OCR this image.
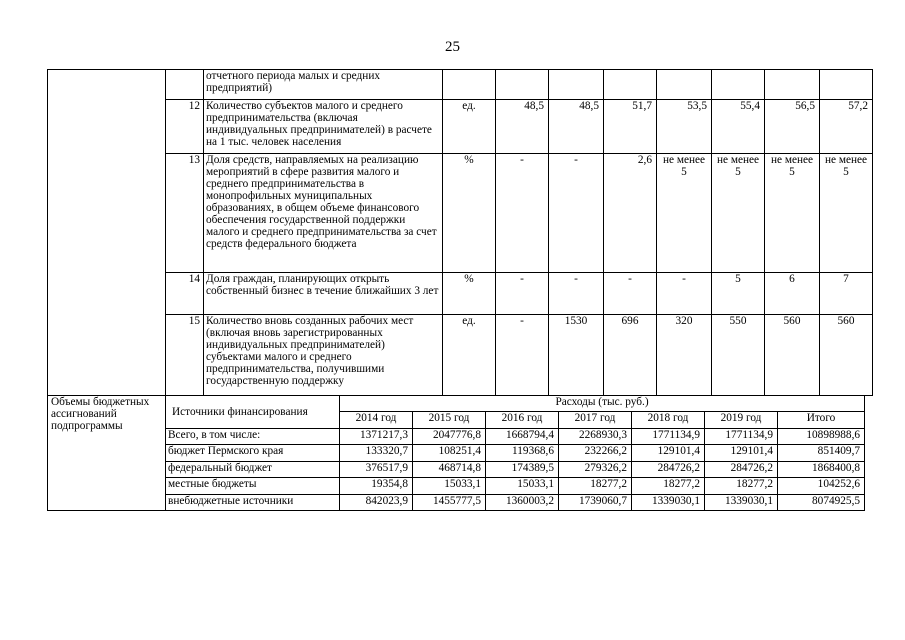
25
		отчетного периода малых и средних предприятий)								
	12	Количество субъектов малого и среднего предпринимательства (включая индивидуальных предпринимателей) в расчете на 1 тыс. человек населения	ед.	48,5	48,5	51,7	53,5	55,4	56,5	57,2
	13	Доля средств, направляемых на реализацию мероприятий в сфере развития малого и среднего предпринимательства в монопрофильных муниципальных образованиях, в общем объеме финансового обеспечения государственной поддержки малого и среднего предпринимательства за счет средств федерального бюджета	%	-	-	2,6	не менее 5	не менее 5	не менее 5	не менее 5
	14	Доля граждан, планирующих открыть собственный бизнес в течение ближайших 3 лет	%	-	-	-	-	5	6	7
	15	Количество вновь созданных рабочих мест (включая вновь зарегистрированных индивидуальных предпринимателей) субъектами малого и среднего предпринимательства, получившими государственную поддержку	ед.	-	1530	696	320	550	560	560
Объемы бюджетных ассигнований подпрограммы	Источники финансирования	Расходы (тыс. руб.)						
		2014 год	2015 год	2016 год	2017 год	2018 год	2019 год	Итого
	Всего, в том числе:	1371217,3	2047776,8	1668794,4	2268930,3	1771134,9	1771134,9	10898988,6
	бюджет Пермского края	133320,7	108251,4	119368,6	232266,2	129101,4	129101,4	851409,7
	федеральный бюджет	376517,9	468714,8	174389,5	279326,2	284726,2	284726,2	1868400,8
	местные бюджеты	19354,8	15033,1	15033,1	18277,2	18277,2	18277,2	104252,6
	внебюджетные источники	842023,9	1455777,5	1360003,2	1739060,7	1339030,1	1339030,1	8074925,5
